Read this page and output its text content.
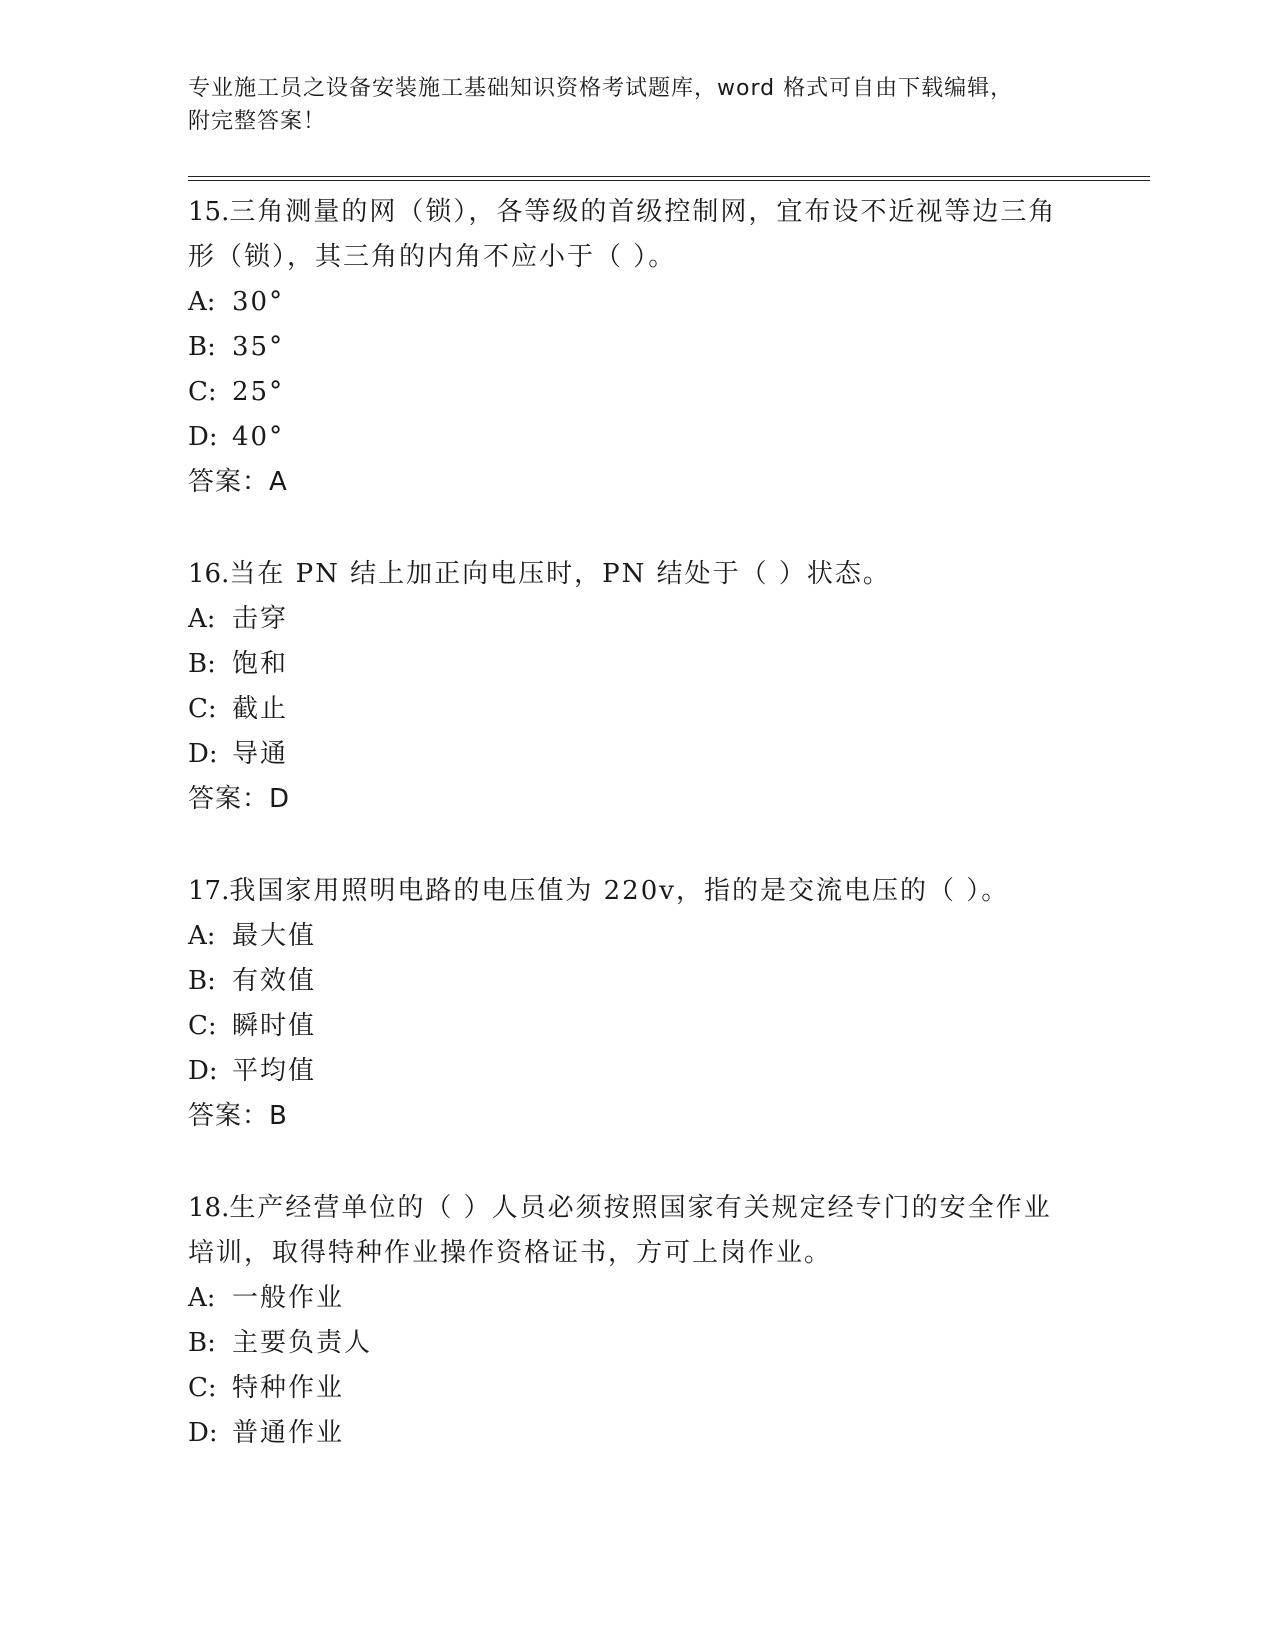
专业施工员之设备安装施工基础知识资格考试题库，word 格式可自由下载编辑，
附完整答案！
15.三角测量的网（锁），各等级的首级控制网，宜布设不近视等边三角形（锁），其三角的内角不应小于（ ）。
A: 30°
B: 35°
C: 25°
D: 40°
答案：A
16.当在 PN 结上加正向电压时，PN 结处于（ ）状态。
A: 击穿
B: 饱和
C: 截止
D: 导通
答案：D
17.我国家用照明电路的电压值为 220v，指的是交流电压的（ ）。
A: 最大值
B: 有效值
C: 瞬时值
D: 平均值
答案：B
18.生产经营单位的（ ）人员必须按照国家有关规定经专门的安全作业培训，取得特种作业操作资格证书，方可上岗作业。
A: 一般作业
B: 主要负责人
C: 特种作业
D: 普通作业
